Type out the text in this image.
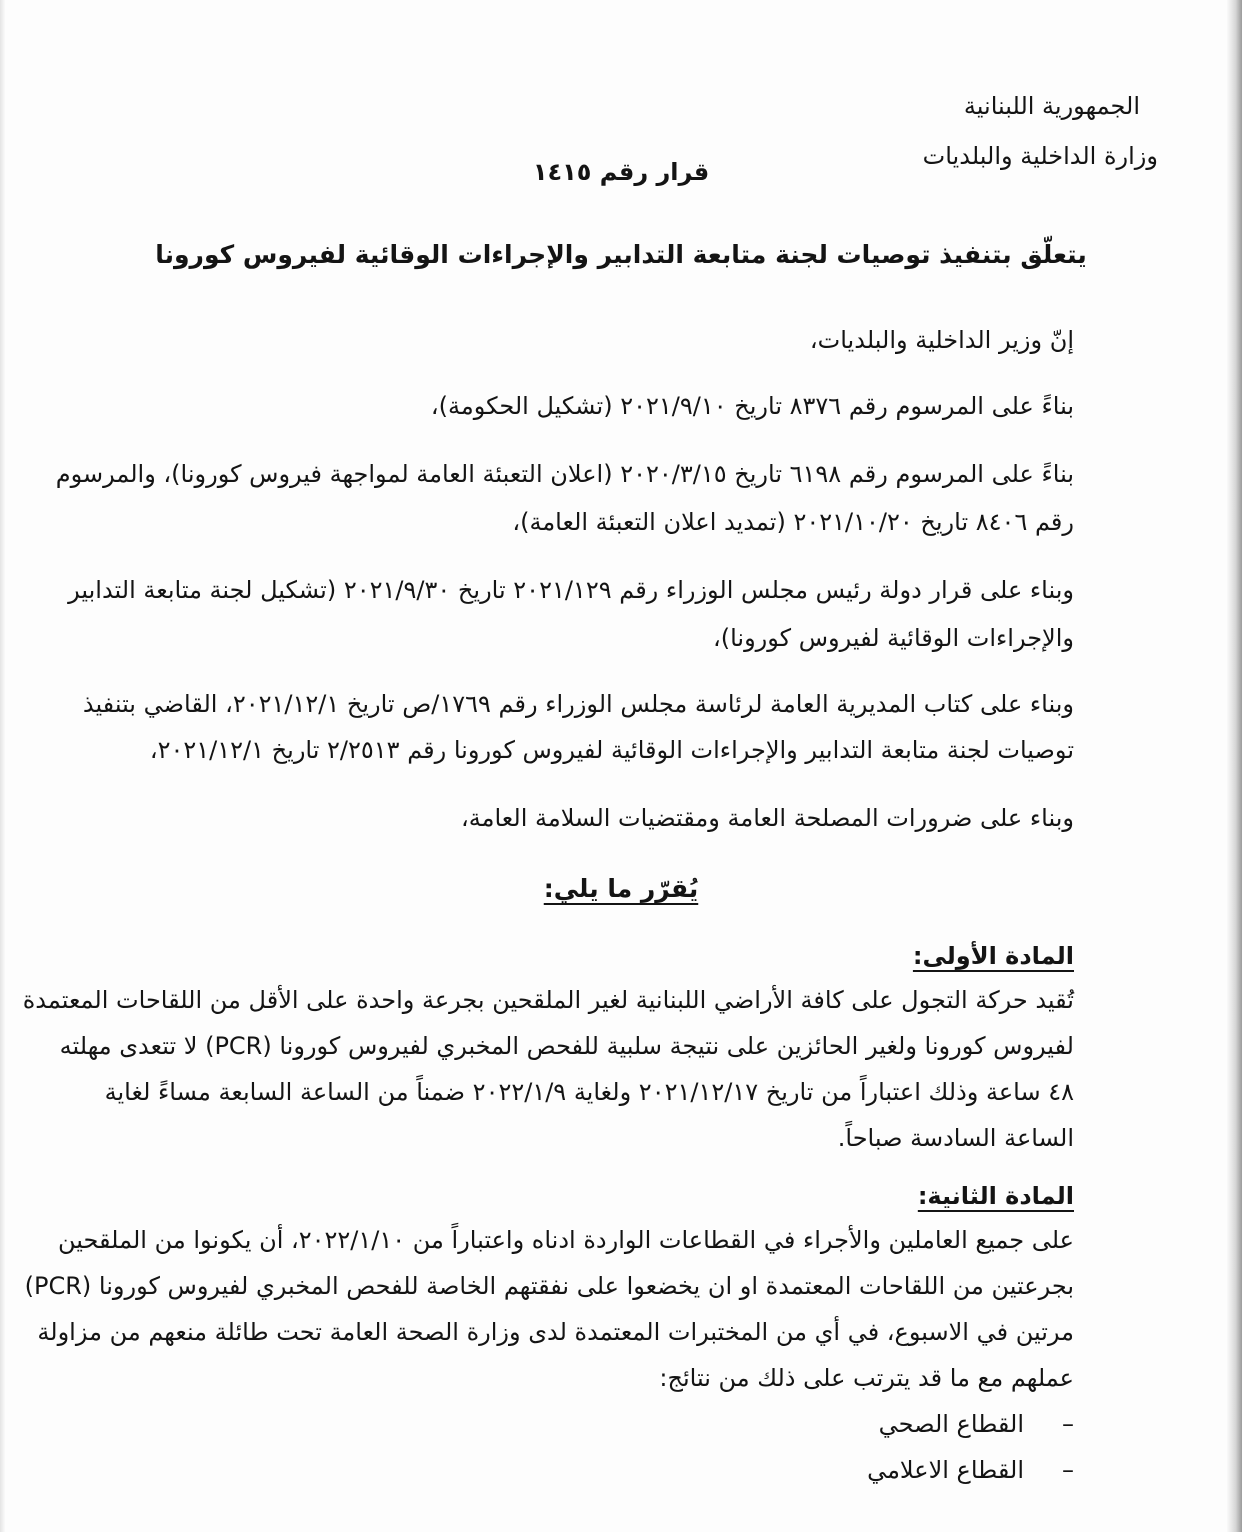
الجمهورية اللبنانية

وزارة الداخلية والبلديات

قرار رقم ١٤١٥

يتعلّق بتنفيذ توصيات لجنة متابعة التدابير والإجراءات الوقائية لفيروس كورونا

إنّ وزير الداخلية والبلديات،

بناءً على المرسوم رقم ٨٣٧٦ تاريخ ٢٠٢١/٩/١٠ (تشكيل الحكومة)،

بناءً على المرسوم رقم ٦١٩٨ تاريخ ٢٠٢٠/٣/١٥ (اعلان التعبئة العامة لمواجهة فيروس كورونا)، والمرسوم

رقم ٨٤٠٦ تاريخ ٢٠٢١/١٠/٢٠ (تمديد اعلان التعبئة العامة)،

وبناء على قرار دولة رئيس مجلس الوزراء رقم ٢٠٢١/١٢٩ تاريخ ٢٠٢١/٩/٣٠ (تشكيل لجنة متابعة التدابير

والإجراءات الوقائية لفيروس كورونا)،

وبناء على كتاب المديرية العامة لرئاسة مجلس الوزراء رقم ١٧٦٩/ص تاريخ ٢٠٢١/١٢/١، القاضي بتنفيذ

توصيات لجنة متابعة التدابير والإجراءات الوقائية لفيروس كورونا رقم ٢/٢٥١٣ تاريخ ٢٠٢١/١٢/١،

وبناء على ضرورات المصلحة العامة ومقتضيات السلامة العامة،

يُقرّر ما يلي:

المادة الأولى:

تُقيد حركة التجول على كافة الأراضي اللبنانية لغير الملقحين بجرعة واحدة على الأقل من اللقاحات المعتمدة

لفيروس كورونا ولغير الحائزين على نتيجة سلبية للفحص المخبري لفيروس كورونا (PCR) لا تتعدى مهلته

٤٨ ساعة وذلك اعتباراً من تاريخ ٢٠٢١/١٢/١٧ ولغاية ٢٠٢٢/١/٩ ضمناً من الساعة السابعة مساءً لغاية

الساعة السادسة صباحاً.

المادة الثانية:

على جميع العاملين والأجراء في القطاعات الواردة ادناه واعتباراً من ٢٠٢٢/١/١٠، أن يكونوا من الملقحين

بجرعتين من اللقاحات المعتمدة او ان يخضعوا على نفقتهم الخاصة للفحص المخبري لفيروس كورونا (PCR)

مرتين في الاسبوع، في أي من المختبرات المعتمدة لدى وزارة الصحة العامة تحت طائلة منعهم من مزاولة

عملهم مع ما قد يترتب على ذلك من نتائج:

–القطاع الصحي

–القطاع الاعلامي
